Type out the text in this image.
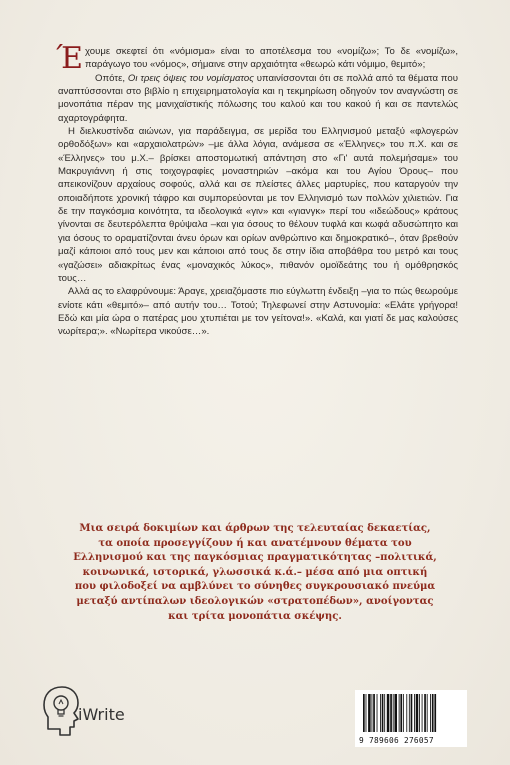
Έχουμε σκεφτεί ότι «νόμισμα» είναι το αποτέλεσμα του «νομίζω»; Το δε «νομίζω», παράγωγο του «νόμος», σήμαινε στην αρχαιότητα «θεωρώ κάτι νόμιμο, θεμιτό»;

Οπότε, Οι τρεις όψεις του νομίσματος υπαινίσσονται ότι σε πολλά από τα θέματα που αναπτύσσονται στο βιβλίο η επιχειρηματολογία και η τεκμηρίωση οδηγούν τον αναγνώστη σε μονοπάτια πέραν της μανιχαϊστικής πόλωσης του καλού και του κακού ή και σε παντελώς αχαρτογράφητα.

Η διελκυστίνδα αιώνων, για παράδειγμα, σε μερίδα του Ελληνισμού μεταξύ «φλογερών ορθοδόξων» και «αρχαιολατρών» –με άλλα λόγια, ανάμεσα σε «Έλληνες» του π.Χ. και σε «Έλληνες» του μ.Χ.– βρίσκει αποστομωτική απάντηση στο «Γι' αυτά πολεμήσαμε» του Μακρυγιάννη ή στις τοιχογραφίες μοναστηριών –ακόμα και του Αγίου Όρους– που απεικονίζουν αρχαίους σοφούς, αλλά και σε πλείστες άλλες μαρτυρίες, που καταργούν την οποιαδήποτε χρονική τάφρο και συμπορεύονται με τον Ελληνισμό των πολλών χιλιετιών. Για δε την παγκόσμια κοινότητα, τα ιδεολογικά «γιν» και «γιανγκ» περί του «ιδεώδους» κράτους γίνονται σε δευτερόλεπτα θρύψαλα –και για όσους το θέλουν τυφλά και κωφά αδυσώπητο και για όσους το οραματίζονται άνευ όρων και ορίων ανθρώπινο και δημοκρατικό–, όταν βρεθούν μαζί κάποιοι από τους μεν και κάποιοι από τους δε στην ίδια αποβάθρα του μετρό και τους «γαζώσει» αδιακρίτως ένας «μοναχικός λύκος», πιθανόν ομοϊδεάτης του ή ομόθρησκός τους…

Αλλά ας το ελαφρύνουμε: Άραγε, χρειαζόμαστε πιο εύγλωττη ένδειξη –για το πώς θεωρούμε ενίοτε κάτι «θεμιτό»– από αυτήν του… Τοτού; Τηλεφωνεί στην Αστυνομία: «Ελάτε γρήγορα! Εδώ και μία ώρα ο πατέρας μου χτυπιέται με τον γείτονα!». «Καλά, και γιατί δε μας καλούσες νωρίτερα;». «Νωρίτερα νικούσε…».

Μια σειρά δοκιμίων και άρθρων της τελευταίας δεκαετίας,
τα οποία προσεγγίζουν ή και ανατέμνουν θέματα του
Ελληνισμού και της παγκόσμιας πραγματικότητας –πολιτικά,
κοινωνικά, ιστορικά, γλωσσικά κ.ά.– μέσα από μια οπτική
που φιλοδοξεί να αμβλύνει το σύνηθες συγκρουσιακό πνεύμα
μεταξύ αντίπαλων ιδεολογικών «στρατοπέδων», ανοίγοντας
και τρίτα μονοπάτια σκέψης.
iWrite
9 789606 276057
